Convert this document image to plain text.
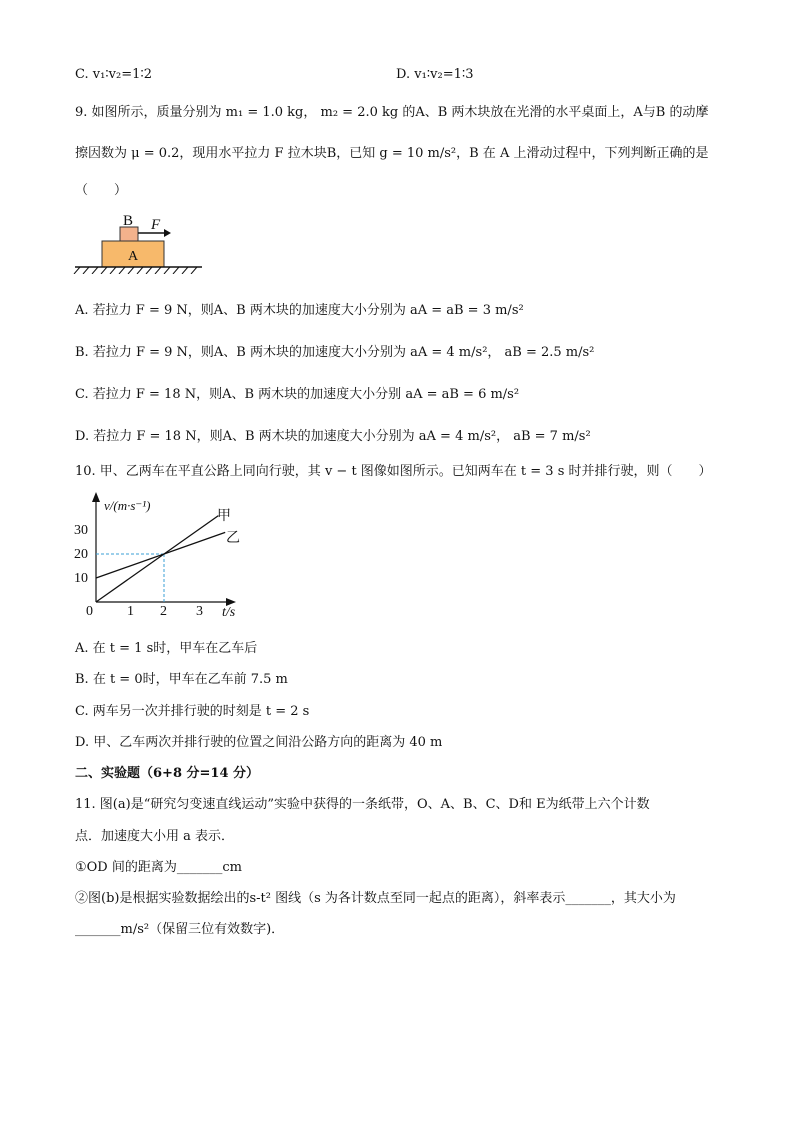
C. v₁∶v₂=1∶2	D. v₁∶v₂=1∶3
9. 如图所示，质量分别为 m₁ = 1.0 kg， m₂ = 2.0 kg 的A、B 两木块放在光滑的水平桌面上，A与B 的动摩
擦因数为 μ = 0.2，现用水平拉力 F 拉木块B，已知 g = 10 m/s²，B 在 A 上滑动过程中，下列判断正确的是
（　　）
B F
A
A. 若拉力 F = 9 N，则A、B 两木块的加速度大小分别为 aA = aB = 3 m/s²
B. 若拉力 F = 9 N，则A、B 两木块的加速度大小分别为 aA = 4 m/s²， aB = 2.5 m/s²
C. 若拉力 F = 18 N，则A、B 两木块的加速度大小分别 aA = aB = 6 m/s²
D. 若拉力 F = 18 N，则A、B 两木块的加速度大小分别为 aA = 4 m/s²， aB = 7 m/s²
10. 甲、乙两车在平直公路上同向行驶，其 v − t 图像如图所示。已知两车在 t = 3 s 时并排行驶，则（　　）
v/(m·s⁻¹)
t/s
0 1 2 3
10
20
30
甲
乙
A. 在 t = 1 s时，甲车在乙车后
B. 在 t = 0时，甲车在乙车前 7.5 m
C. 两车另一次并排行驶的时刻是 t = 2 s
D. 甲、乙车两次并排行驶的位置之间沿公路方向的距离为 40 m
二、实验题（6+8 分=14 分）
11. 图(a)是“研究匀变速直线运动”实验中获得的一条纸带，O、A、B、C、D和 E为纸带上六个计数
点．加速度大小用 a 表示．
①OD 间的距离为_______cm
②图(b)是根据实验数据绘出的s-t² 图线（s 为各计数点至同一起点的距离），斜率表示_______，其大小为
_______m/s²（保留三位有效数字)．
